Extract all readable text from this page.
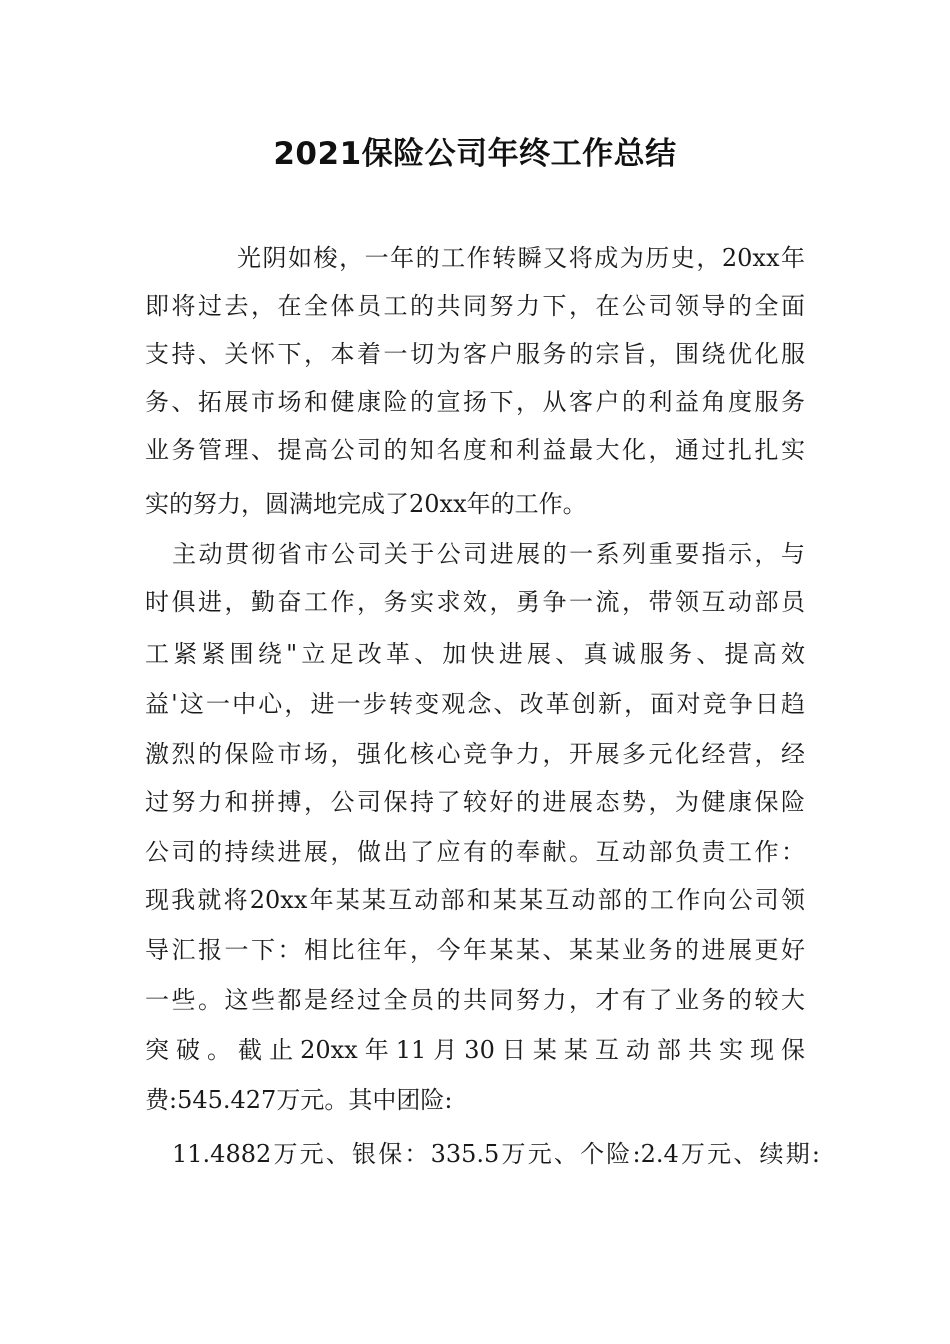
2021保险公司年终工作总结
光阴如梭，一年的工作转瞬又将成为历史，20xx年
即将过去，在全体员工的共同努力下，在公司领导的全面
支持、关怀下，本着一切为客户服务的宗旨，围绕优化服
务、拓展市场和健康险的宣扬下，从客户的利益角度服务
业务管理、提高公司的知名度和利益最大化，通过扎扎实
实的努力，圆满地完成了20xx年的工作。
主动贯彻省市公司关于公司进展的一系列重要指示，与
时俱进，勤奋工作，务实求效，勇争一流，带领互动部员
工紧紧围绕"立足改革、加快进展、真诚服务、提高效
益'这一中心，进一步转变观念、改革创新，面对竞争日趋
激烈的保险市场，强化核心竞争力，开展多元化经营，经
过努力和拼搏，公司保持了较好的进展态势，为健康保险
公司的持续进展，做出了应有的奉献。互动部负责工作：
现我就将20xx年某某互动部和某某互动部的工作向公司领
导汇报一下：相比往年，今年某某、某某业务的进展更好
一些。这些都是经过全员的共同努力，才有了业务的较大
突破。截止20xx年11月30日某某互动部共实现保
费:545.427万元。其中团险:
11.4882万元、银保：335.5万元、个险:2.4万元、续期:
